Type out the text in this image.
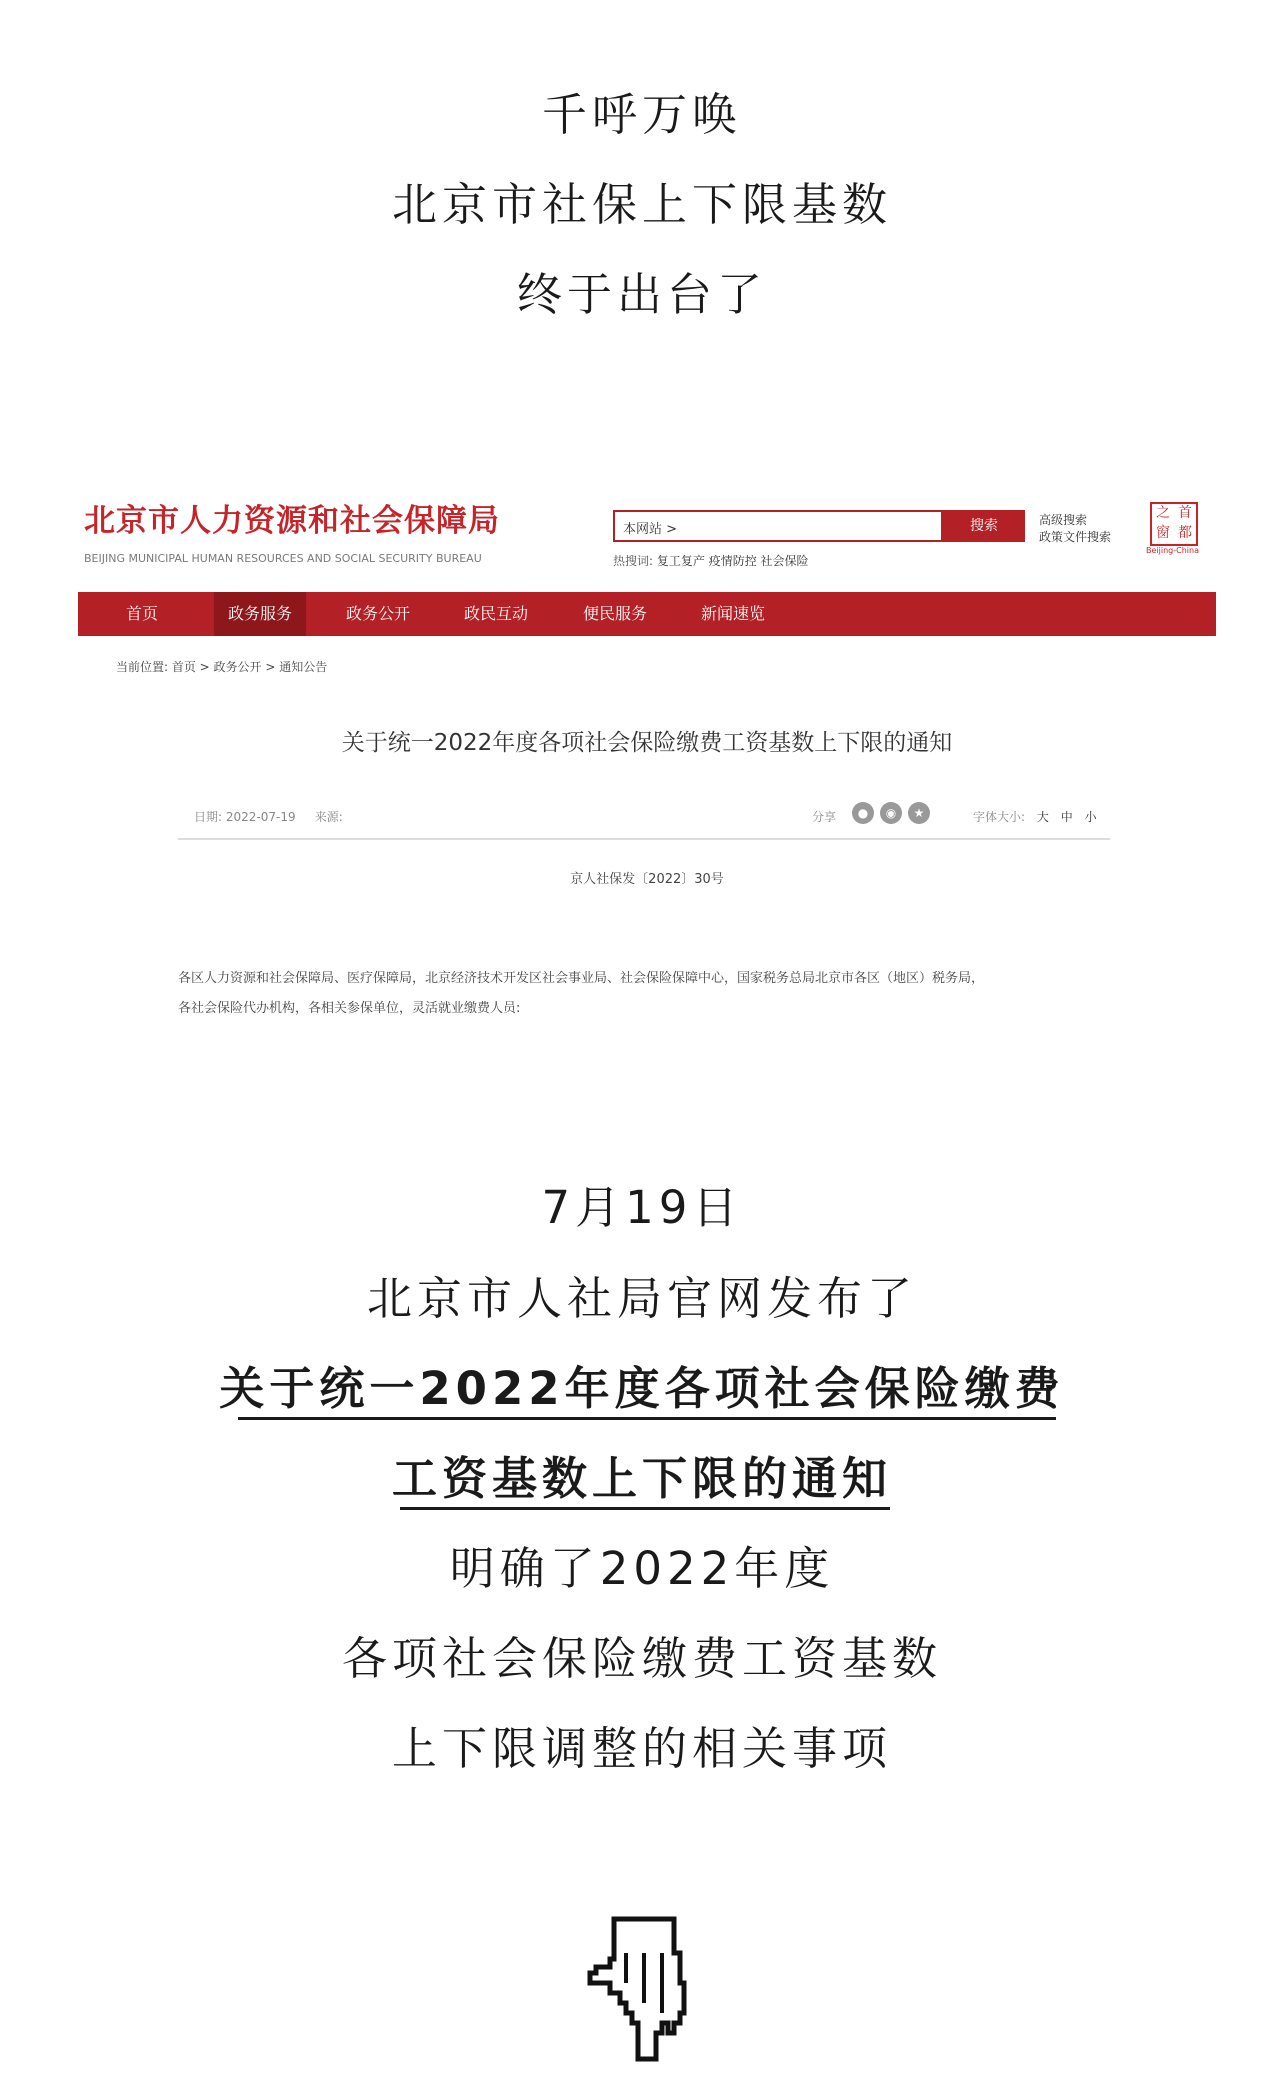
千呼万唤
北京市社保上下限基数
终于出台了
北京市人力资源和社会保障局
BEIJING MUNICIPAL HUMAN RESOURCES AND SOCIAL SECURITY BUREAU
本网站 >	搜索
热搜词: 复工复产 疫情防控 社会保险
高级搜索
政策文件搜索
之 首
窗 都
Beijing-China
首页	政务服务	政务公开	政民互动	便民服务	新闻速览
当前位置: 首页 > 政务公开 > 通知公告
关于统一2022年度各项社会保险缴费工资基数上下限的通知
日期: 2022-07-19 来源:	分享	●	◉	★	字体大小: 大 中 小
京人社保发〔2022〕30号
各区人力资源和社会保障局、医疗保障局，北京经济技术开发区社会事业局、社会保险保障中心，国家税务总局北京市各区（地区）税务局，
各社会保险代办机构，各相关参保单位，灵活就业缴费人员:
7月19日
北京市人社局官网发布了
关于统一2022年度各项社会保险缴费
工资基数上下限的通知
明确了2022年度
各项社会保险缴费工资基数
上下限调整的相关事项
